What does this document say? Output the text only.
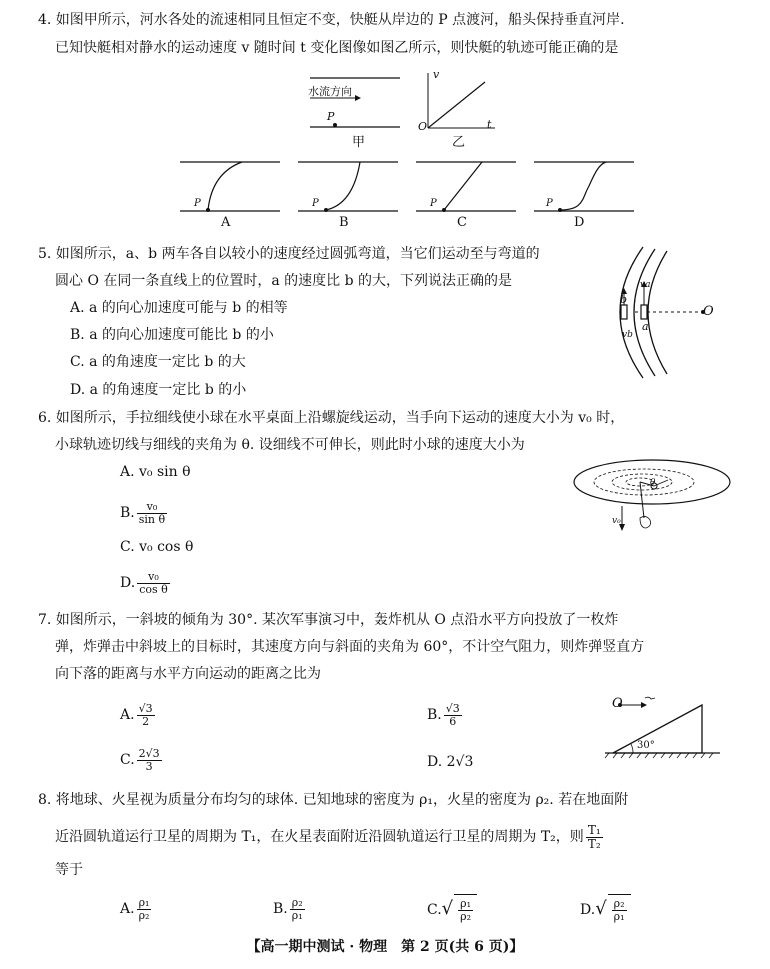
4. 如图甲所示，河水各处的流速相同且恒定不变，快艇从岸边的 P 点渡河，船头保持垂直河岸.
已知快艇相对静水的运动速度 v 随时间 t 变化图像如图乙所示，则快艇的轨迹可能正确的是
水流方向
P
甲
v
t
O
乙
P	P	P	P
A	B	C	D
5. 如图所示，a、b 两车各自以较小的速度经过圆弧弯道，当它们运动至与弯道的
圆心 O 在同一条直线上的位置时，a 的速度比 b 的大，下列说法正确的是
A. a 的向心加速度可能与 b 的相等
B. a 的向心加速度可能比 b 的小
C. a 的角速度一定比 b 的大
D. a 的角速度一定比 b 的小
O
b
a
va
vb
6. 如图所示，手拉细线使小球在水平桌面上沿螺旋线运动，当手向下运动的速度大小为 v₀ 时，
小球轨迹切线与细线的夹角为 θ. 设细线不可伸长，则此时小球的速度大小为
A. v₀ sin θ
B. $\frac{\text{v₀}}{\text{sin θ}}$
C. v₀ cos θ
D. $\frac{\text{v₀}}{\text{cos θ}}$
v₀
θ
7. 如图所示，一斜坡的倾角为 30°. 某次军事演习中，轰炸机从 O 点沿水平方向投放了一枚炸
弹，炸弹击中斜坡上的目标时，其速度方向与斜面的夹角为 60°，不计空气阻力，则炸弹竖直方
向下落的距离与水平方向运动的距离之比为
A. $\frac{√3}{2}$	B. $\frac{√3}{6}$
C. $\frac{2√3}{3}$	D. 2√3
O
30°
8. 将地球、火星视为质量分布均匀的球体. 已知地球的密度为 ρ₁，火星的密度为 ρ₂. 若在地面附
近沿圆轨道运行卫星的周期为 T₁，在火星表面附近沿圆轨道运行卫星的周期为 T₂，则 $\frac{\text{T₁}}{\text{T₂}}$
等于
A. $\frac{\text{ρ₁}}{\text{ρ₂}}$	B. $\frac{\text{ρ₂}}{\text{ρ₁}}$	$C.√ \frac{\text{ρ₁}}{\text{ρ₂}}$	$D.√ \frac{\text{ρ₂}}{\text{ρ₁}}$
【高一期中测试 · 物理　第 2 页(共 6 页)】
